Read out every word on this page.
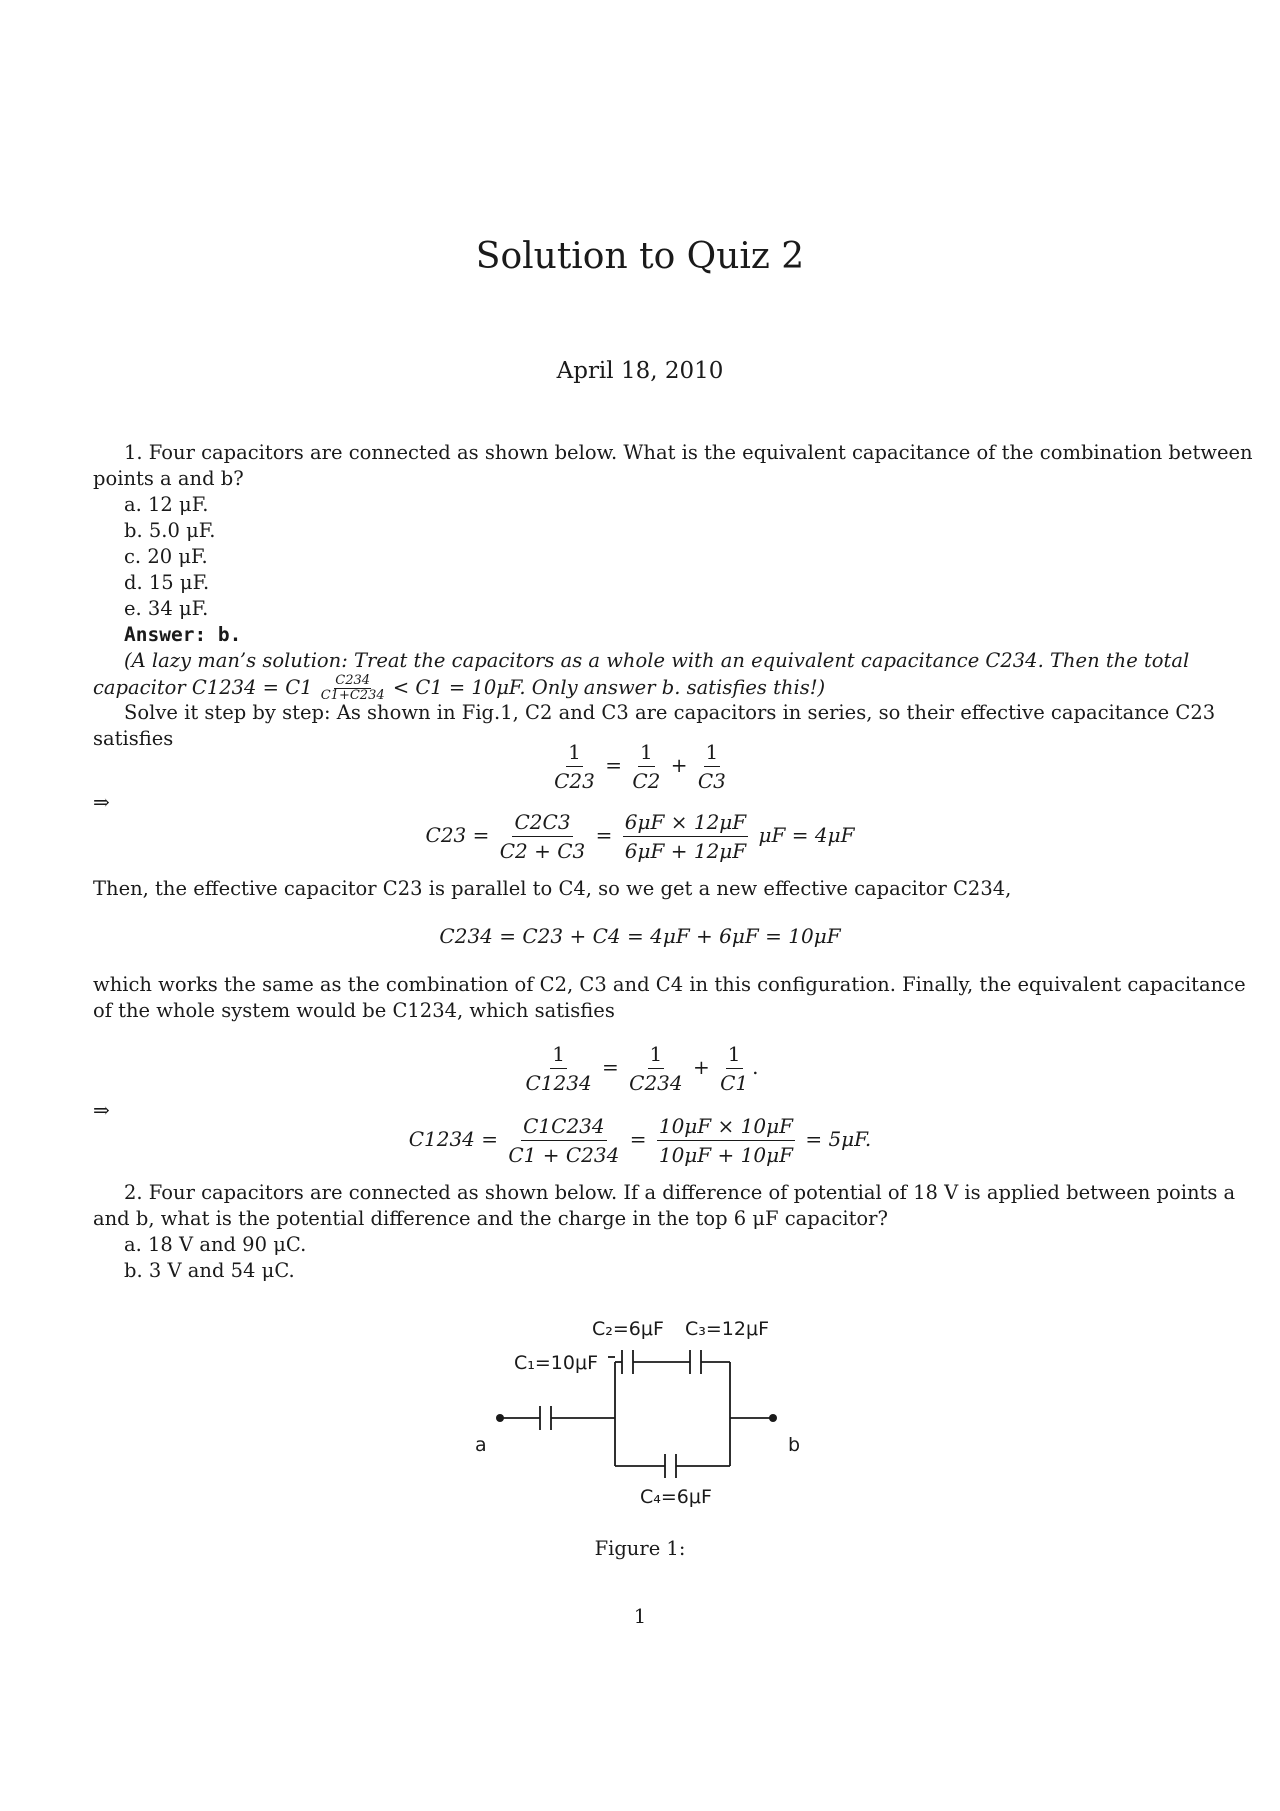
Solution to Quiz 2
April 18, 2010
1. Four capacitors are connected as shown below. What is the equivalent capacitance of the combination between
points a and b?
a. 12 μF.
b. 5.0 μF.
c. 20 μF.
d. 15 μF.
e. 34 μF.
Answer: b.
(A lazy man’s solution: Treat the capacitors as a whole with an equivalent capacitance C234. Then the total
capacitor $C1234 = C1 \frac{C234}{C1+C234} < C1 = 10\mu F$. Only answer b. satisfies this!)
Solve it step by step: As shown in Fig.1, C2 and C3 are capacitors in series, so their effective capacitance C23
satisfies
$\frac{1}{C23} = \frac{1}{C2} + \frac{1}{C3}$
⇒
$C23 = \frac{C2C3}{C2 + C3} = \frac{6\mu F \times 12\mu F}{6\mu F + 12\mu F}$ μF = 4μF
Then, the effective capacitor C23 is parallel to C4, so we get a new effective capacitor C234,
C234 = C23 + C4 = 4μF + 6μF = 10μF
which works the same as the combination of C2, C3 and C4 in this configuration. Finally, the equivalent capacitance
of the whole system would be C1234, which satisfies
$\frac{1}{C1234} = \frac{1}{C234} + \frac{1}{C1}$ .
⇒
$C1234 = \frac{C1C234}{C1 + C234} = \frac{10\mu F \times 10\mu F}{10\mu F + 10\mu F} = 5\mu F$.
2. Four capacitors are connected as shown below. If a difference of potential of 18 V is applied between points a
and b, what is the potential difference and the charge in the top 6 μF capacitor?
a. 18 V and 90 μC.
b. 3 V and 54 μC.
C₂=6μF C₃=12μF
C₁=10μF
C₄=6μF
a	b
Figure 1:
1
